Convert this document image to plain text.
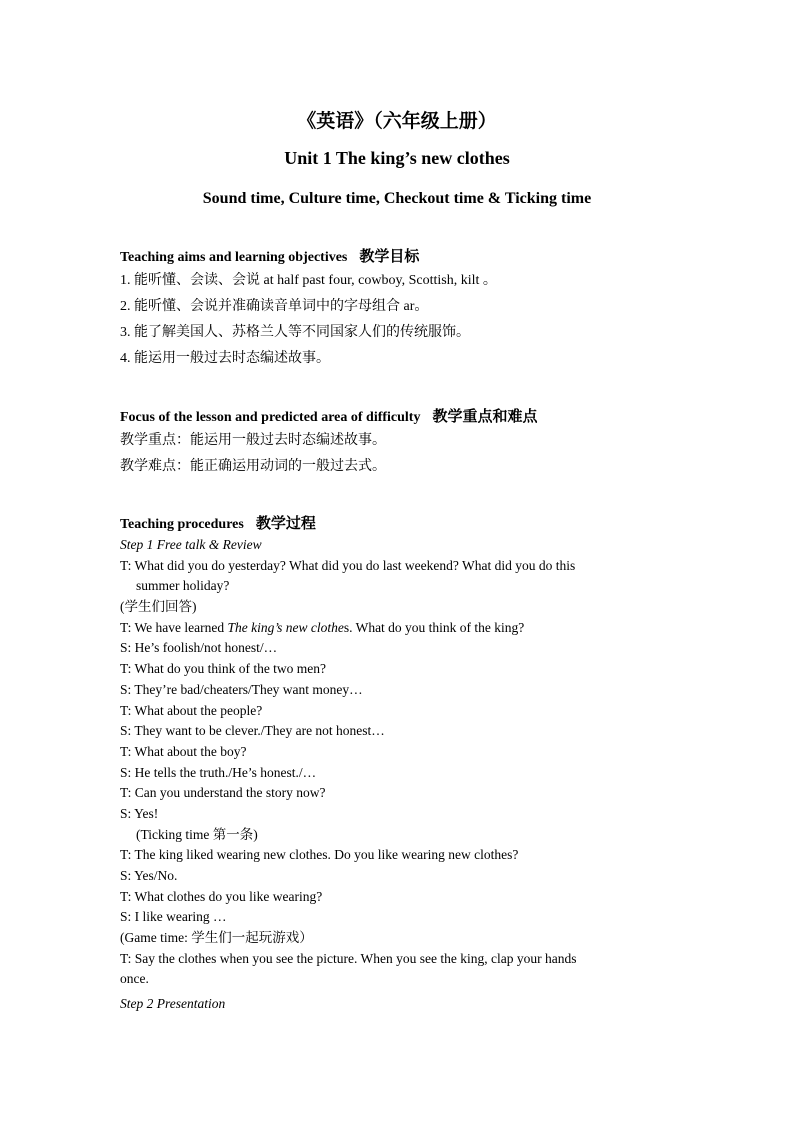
《英语》（六年级上册）
Unit 1 The king’s new clothes
Sound time, Culture time, Checkout time & Ticking time
Teaching aims and learning objectives 教学目标
1. 能听懂、会读、会说 at half past four, cowboy, Scottish, kilt 。
2. 能听懂、会说并准确读音单词中的字母组合 ar。
3. 能了解美国人、苏格兰人等不同国家人们的传统服饰。
4. 能运用一般过去时态编述故事。
Focus of the lesson and predicted area of difficulty 教学重点和难点
教学重点：能运用一般过去时态编述故事。
教学难点：能正确运用动词的一般过去式。
Teaching procedures 教学过程
Step 1 Free talk & Review
T: What did you do yesterday? What did you do last weekend? What did you do this
summer holiday?
(学生们回答)
T: We have learned The king’s new clothes. What do you think of the king?
S: He’s foolish/not honest/…
T: What do you think of the two men?
S: They’re bad/cheaters/They want money…
T: What about the people?
S: They want to be clever./They are not honest…
T: What about the boy?
S: He tells the truth./He’s honest./…
T: Can you understand the story now?
S: Yes!
(Ticking time 第一条)
T: The king liked wearing new clothes. Do you like wearing new clothes?
S: Yes/No.
T: What clothes do you like wearing?
S: I like wearing …
(Game time: 学生们一起玩游戏）
T: Say the clothes when you see the picture. When you see the king, clap your hands
once.
Step 2 Presentation
